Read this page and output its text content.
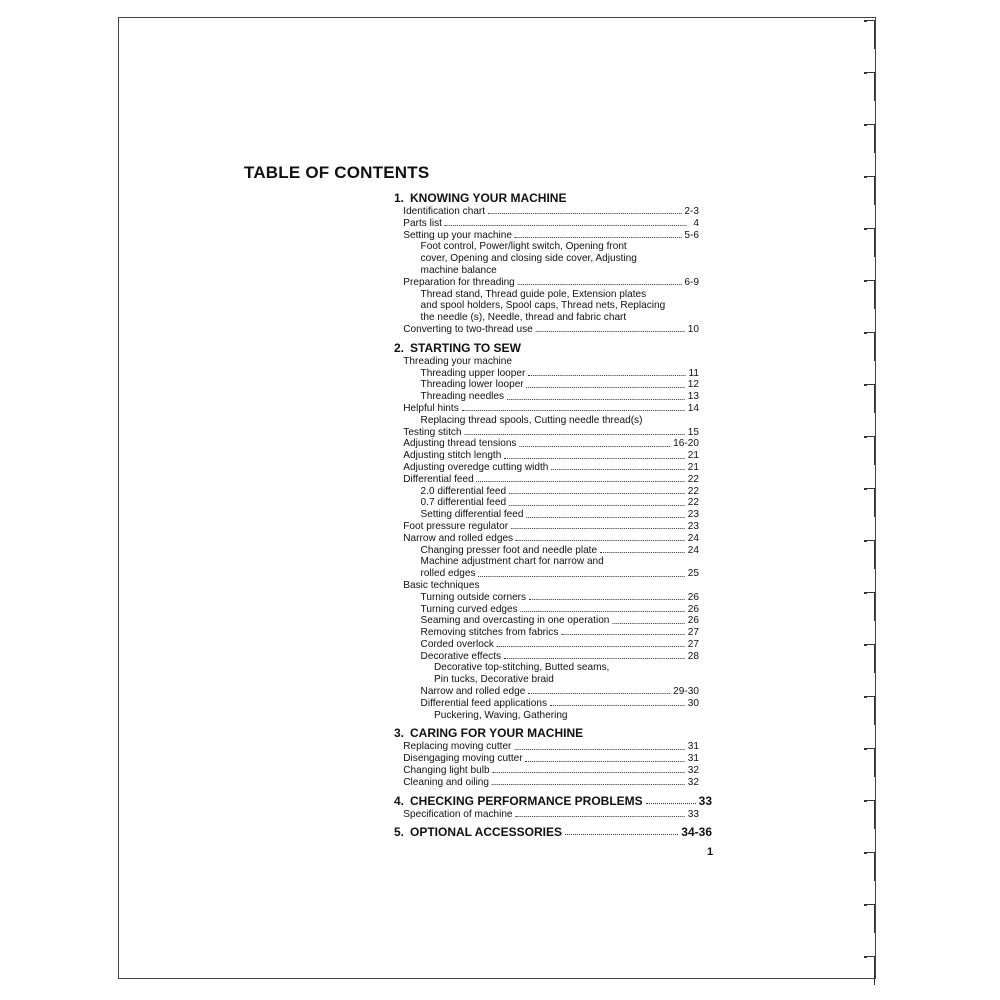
TABLE OF CONTENTS
1. KNOWING YOUR MACHINE
Identification chart	2-3
Parts list	4
Setting up your machine	5-6
Foot control, Power/light switch, Opening front
cover, Opening and closing side cover, Adjusting
machine balance
Preparation for threading	6-9
Thread stand, Thread guide pole, Extension plates
and spool holders, Spool caps, Thread nets, Replacing
the needle (s), Needle, thread and fabric chart
Converting to two-thread use	10
2. STARTING TO SEW
Threading your machine
Threading upper looper	11
Threading lower looper	12
Threading needles	13
Helpful hints	14
Replacing thread spools, Cutting needle thread(s)
Testing stitch	15
Adjusting thread tensions	16-20
Adjusting stitch length	21
Adjusting overedge cutting width	21
Differential feed	22
2.0 differential feed	22
0.7 differential feed	22
Setting differential feed	23
Foot pressure regulator	23
Narrow and rolled edges	24
Changing presser foot and needle plate	24
Machine adjustment chart for narrow and
rolled edges	25
Basic techniques
Turning outside corners	26
Turning curved edges	26
Seaming and overcasting in one operation	26
Removing stitches from fabrics	27
Corded overlock	27
Decorative effects	28
Decorative top-stitching, Butted seams,
Pin tucks, Decorative braid
Narrow and rolled edge	29-30
Differential feed applications	30
Puckering, Waving, Gathering
3. CARING FOR YOUR MACHINE
Replacing moving cutter	31
Disengaging moving cutter	31
Changing light bulb	32
Cleaning and oiling	32
4. CHECKING PERFORMANCE PROBLEMS	33
Specification of machine	33
5. OPTIONAL ACCESSORIES	34-36
1
